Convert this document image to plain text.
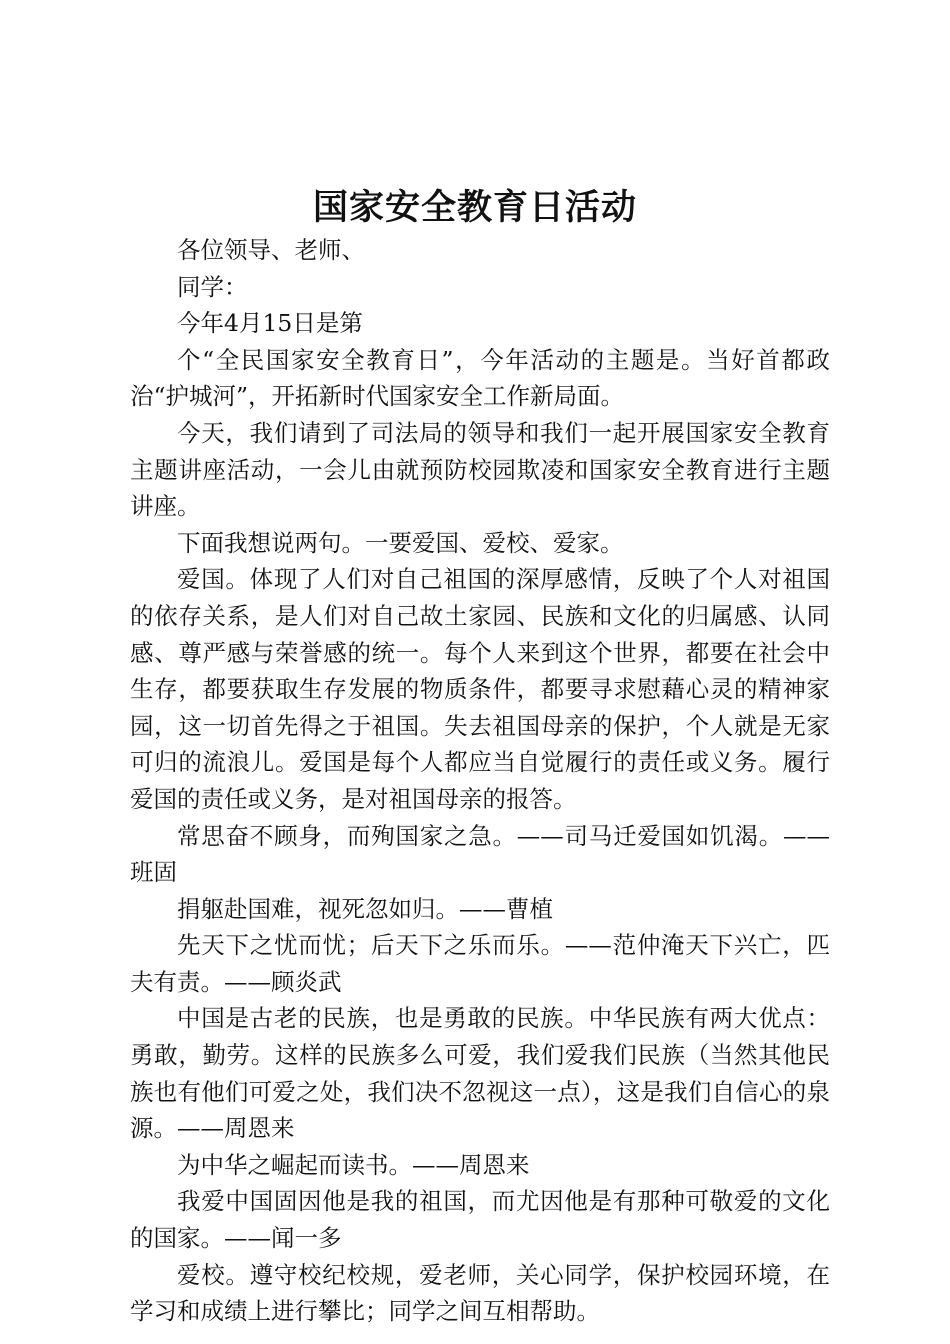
国家安全教育日活动

各位领导、老师、

同学：

今年4月15日是第

个“全民国家安全教育日”，今年活动的主题是。当好首都政治“护城河”，开拓新时代国家安全工作新局面。

今天，我们请到了司法局的领导和我们一起开展国家安全教育主题讲座活动，一会儿由就预防校园欺凌和国家安全教育进行主题讲座。

下面我想说两句。一要爱国、爱校、爱家。

爱国。体现了人们对自己祖国的深厚感情，反映了个人对祖国的依存关系，是人们对自己故土家园、民族和文化的归属感、认同感、尊严感与荣誉感的统一。每个人来到这个世界，都要在社会中生存，都要获取生存发展的物质条件，都要寻求慰藉心灵的精神家园，这一切首先得之于祖国。失去祖国母亲的保护，个人就是无家可归的流浪儿。爱国是每个人都应当自觉履行的责任或义务。履行爱国的责任或义务，是对祖国母亲的报答。

常思奋不顾身，而殉国家之急。——司马迁爱国如饥渴。——班固

捐躯赴国难，视死忽如归。——曹植

先天下之忧而忧；后天下之乐而乐。——范仲淹天下兴亡，匹夫有责。——顾炎武

中国是古老的民族，也是勇敢的民族。中华民族有两大优点：勇敢，勤劳。这样的民族多么可爱，我们爱我们民族（当然其他民族也有他们可爱之处，我们决不忽视这一点），这是我们自信心的泉源。——周恩来

为中华之崛起而读书。——周恩来

我爱中国固因他是我的祖国，而尤因他是有那种可敬爱的文化的国家。——闻一多

爱校。遵守校纪校规，爱老师，关心同学，保护校园环境，在学习和成绩上进行攀比；同学之间互相帮助。
